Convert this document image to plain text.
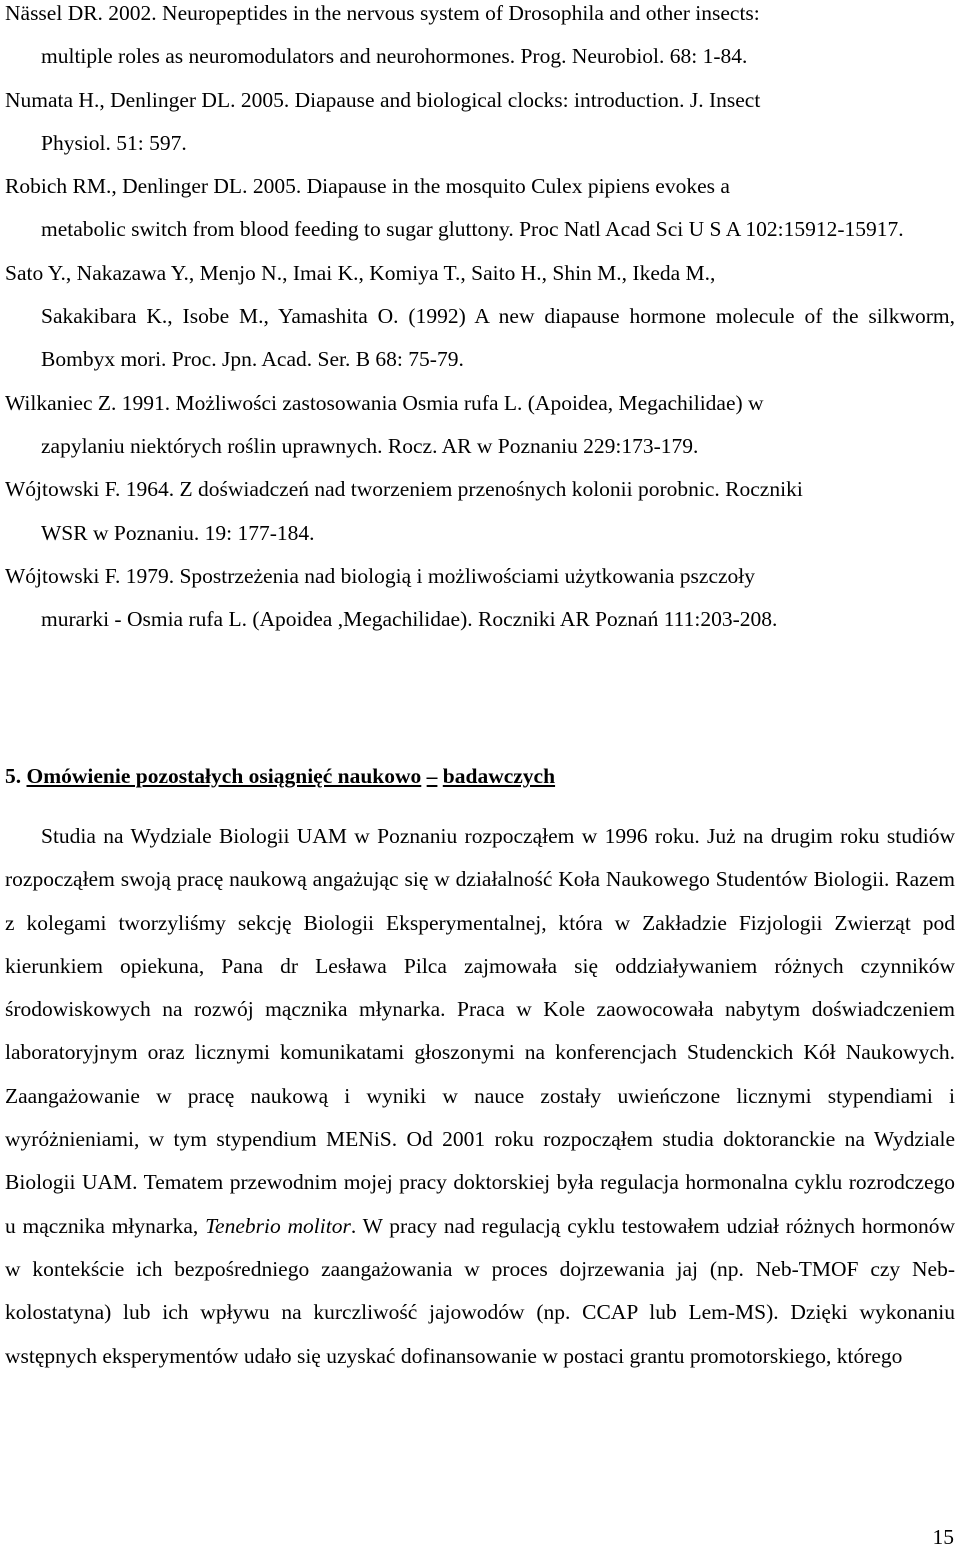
Nässel DR. 2002. Neuropeptides in the nervous system of Drosophila and other insects:
multiple roles as neuromodulators and neurohormones. Prog. Neurobiol. 68: 1-84.
Numata H., Denlinger DL. 2005. Diapause and biological clocks: introduction. J. Insect
Physiol. 51: 597.
Robich RM., Denlinger DL. 2005. Diapause in the mosquito Culex pipiens evokes a
metabolic switch from blood feeding to sugar gluttony. Proc Natl Acad Sci U S A 102:15912-15917.
Sato Y., Nakazawa Y., Menjo N., Imai K., Komiya T., Saito H., Shin M., Ikeda M.,
Sakakibara K., Isobe M., Yamashita O. (1992) A new diapause hormone molecule of the silkworm, Bombyx mori. Proc. Jpn. Acad. Ser. B 68: 75-79.
Wilkaniec Z. 1991. Możliwości zastosowania Osmia rufa L. (Apoidea, Megachilidae) w
zapylaniu niektórych roślin uprawnych. Rocz. AR w Poznaniu 229:173-179.
Wójtowski F. 1964. Z doświadczeń nad tworzeniem przenośnych kolonii porobnic. Roczniki
WSR w Poznaniu. 19: 177-184.
Wójtowski F. 1979. Spostrzeżenia nad biologią i możliwościami użytkowania pszczoły
murarki - Osmia rufa L. (Apoidea ,Megachilidae). Roczniki AR Poznań 111:203-208.
5. Omówienie pozostałych osiągnięć naukowo – badawczych

Studia na Wydziale Biologii UAM w Poznaniu rozpocząłem w 1996 roku. Już na drugim roku studiów rozpocząłem swoją pracę naukową angażując się w działalność Koła Naukowego Studentów Biologii. Razem z kolegami tworzyliśmy sekcję Biologii Eksperymentalnej, która w Zakładzie Fizjologii Zwierząt pod kierunkiem opiekuna, Pana dr Lesława Pilca zajmowała się oddziaływaniem różnych czynników środowiskowych na rozwój mącznika młynarka. Praca w Kole zaowocowała nabytym doświadczeniem laboratoryjnym oraz licznymi komunikatami głoszonymi na konferencjach Studenckich Kół Naukowych. Zaangażowanie w pracę naukową i wyniki w nauce zostały uwieńczone licznymi stypendiami i wyróżnieniami, w tym stypendium MENiS. Od 2001 roku rozpocząłem studia doktoranckie na Wydziale Biologii UAM. Tematem przewodnim mojej pracy doktorskiej była regulacja hormonalna cyklu rozrodczego u mącznika młynarka, Tenebrio molitor. W pracy nad regulacją cyklu testowałem udział różnych hormonów w kontekście ich bezpośredniego zaangażowania w proces dojrzewania jaj (np. Neb-TMOF czy Neb-kolostatyna) lub ich wpływu na kurczliwość jajowodów (np. CCAP lub Lem-MS). Dzięki wykonaniu wstępnych eksperymentów udało się uzyskać dofinansowanie w postaci grantu promotorskiego, którego

15
